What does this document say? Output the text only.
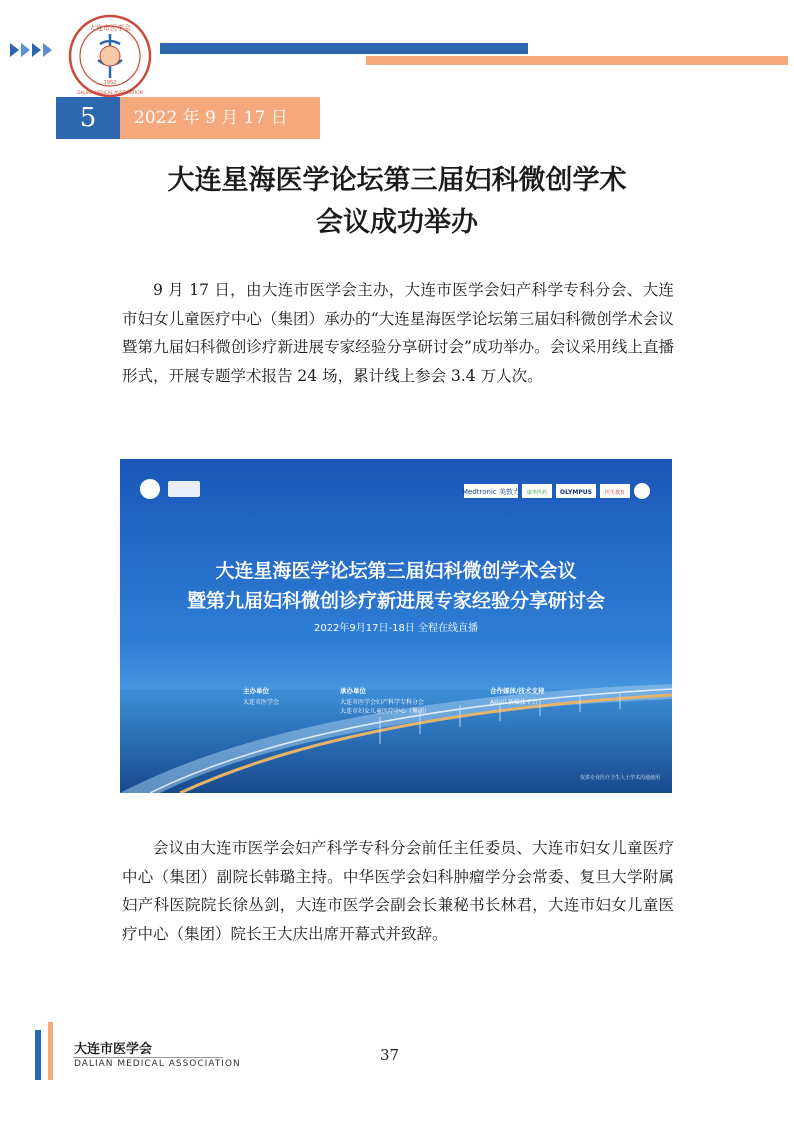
大连市医学会
DALIAN MEDICAL ASSOCIATION
1952
5	2022 年 9 月 17 日
大连星海医学论坛第三届妇科微创学术
会议成功举办

9 月 17 日，由大连市医学会主办，大连市医学会妇产科学专科分会、大连市妇女儿童医疗中心（集团）承办的“大连星海医学论坛第三届妇科微创学术会议暨第九届妇科微创诊疗新进展专家经验分享研讨会”成功举办。会议采用线上直播形式，开展专题学术报告 24 场，累计线上参会 3.4 万人次。

Medtronic 美敦力 康华医药 OLYMPUS	医生教育
大连星海医学论坛第三届妇科微创学术会议
暨第九届妇科微创诊疗新进展专家经验分享研讨会
2022年9月17日-18日 全程在线直播
主办单位
大连市医学会
承办单位
大连市医学会妇产科学专科分会
大连市妇女儿童医疗中心（集团）
合作媒体/技术支持
AI妇儿新媒体平台
仅供专业医疗卫生人士学术沟通使用

会议由大连市医学会妇产科学专科分会前任主任委员、大连市妇女儿童医疗中心（集团）副院长韩璐主持。中华医学会妇科肿瘤学分会常委、复旦大学附属妇产科医院院长徐丛剑，大连市医学会副会长兼秘书长林君，大连市妇女儿童医疗中心（集团）院长王大庆出席开幕式并致辞。

大连市医学会
DALIAN MEDICAL ASSOCIATION	37
